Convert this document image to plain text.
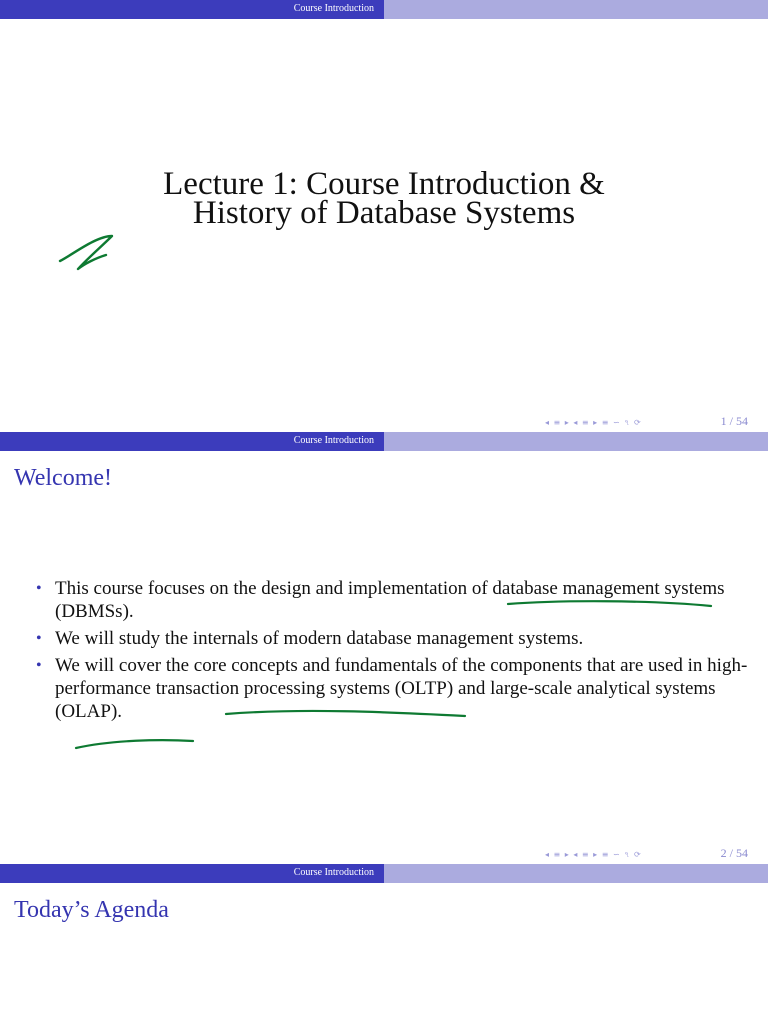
Course Introduction
Lecture 1: Course Introduction &
History of Database Systems
◂ ≡ ▸ ◂ ≡ ▸ ≡ ∽ ৭ ⟳	1 / 54
Course Introduction
Welcome!
• This course focuses on the design and implementation of database management systems (DBMSs).
• We will study the internals of modern database management systems.
• We will cover the core concepts and fundamentals of the components that are used in high-performance transaction processing systems (OLTP) and large-scale analytical systems (OLAP).
◂ ≡ ▸ ◂ ≡ ▸ ≡ ∽ ৭ ⟳	2 / 54
Course Introduction
Today’s Agenda
